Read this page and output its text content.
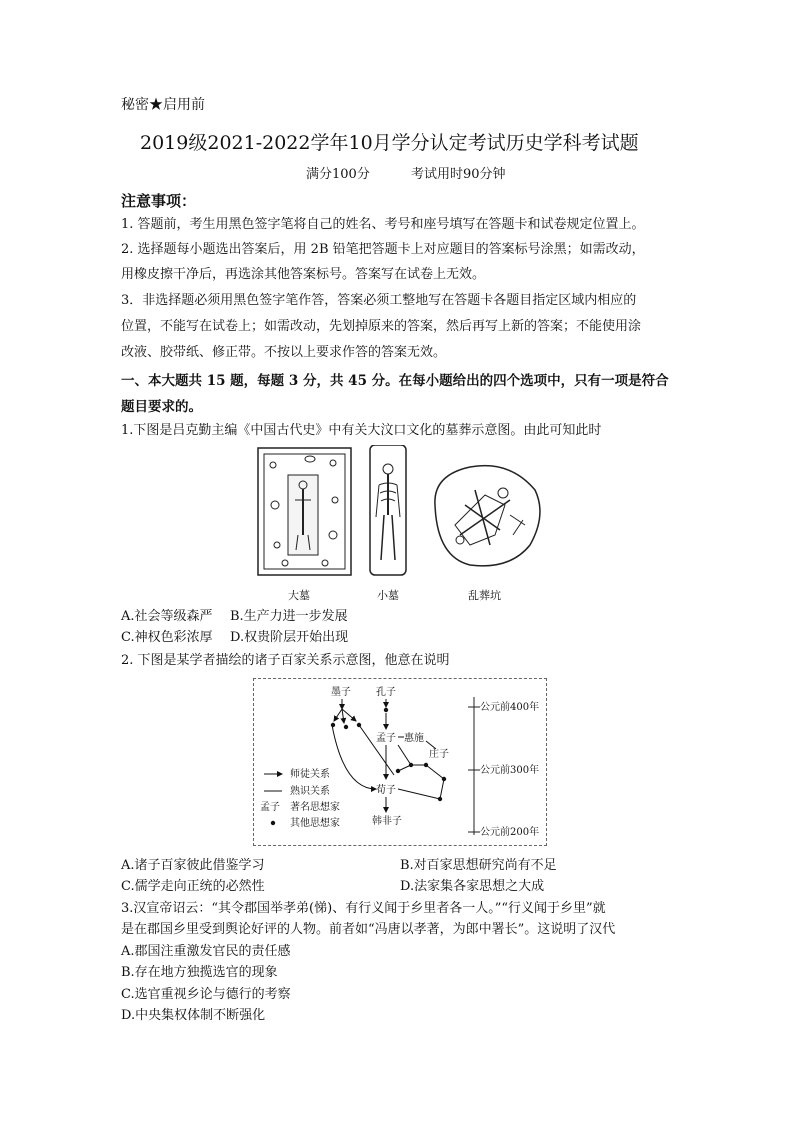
秘密★启用前
2019级2021-2022学年10月学分认定考试历史学科考试题
满分100分	考试用时90分钟
注意事项：
1. 答题前，考生用黑色签字笔将自己的姓名、考号和座号填写在答题卡和试卷规定位置上。
2. 选择题每小题选出答案后，用 2B 铅笔把答题卡上对应题目的答案标号涂黑；如需改动，
用橡皮擦干净后，再选涂其他答案标号。答案写在试卷上无效。
3．非选择题必须用黑色签字笔作答，答案必须工整地写在答题卡各题目指定区域内相应的
位置，不能写在试卷上；如需改动，先划掉原来的答案，然后再写上新的答案；不能使用涂
改液、胶带纸、修正带。不按以上要求作答的答案无效。
一、本大题共 15 题，每题 3 分，共 45 分。在每小题给出的四个选项中，只有一项是符合
题目要求的。
1.下图是吕克勤主编《中国古代史》中有关大汶口文化的墓葬示意图。由此可知此时
大墓	小墓	乱葬坑
A.社会等级森严 B.生产力进一步发展
C.神权色彩浓厚 D.权贵阶层开始出现
2. 下图是某学者描绘的诸子百家关系示意图，他意在说明
公元前400年
公元前300年
公元前200年
墨子	孔子
孟子 惠施
庄子
荀子
韩非子
师徒关系
熟识关系
孟子 著名思想家
其他思想家
A.诸子百家彼此借鉴学习	B.对百家思想研究尚有不足
C.儒学走向正统的必然性	D.法家集各家思想之大成
3.汉宣帝诏云：“其令郡国举孝弟(悌)、有行义闻于乡里者各一人。”“行义闻于乡里”就
是在郡国乡里受到舆论好评的人物。前者如“冯唐以孝著，为郎中署长”。这说明了汉代
A.郡国注重激发官民的责任感
B.存在地方独揽选官的现象
C.选官重视乡论与德行的考察
D.中央集权体制不断强化
